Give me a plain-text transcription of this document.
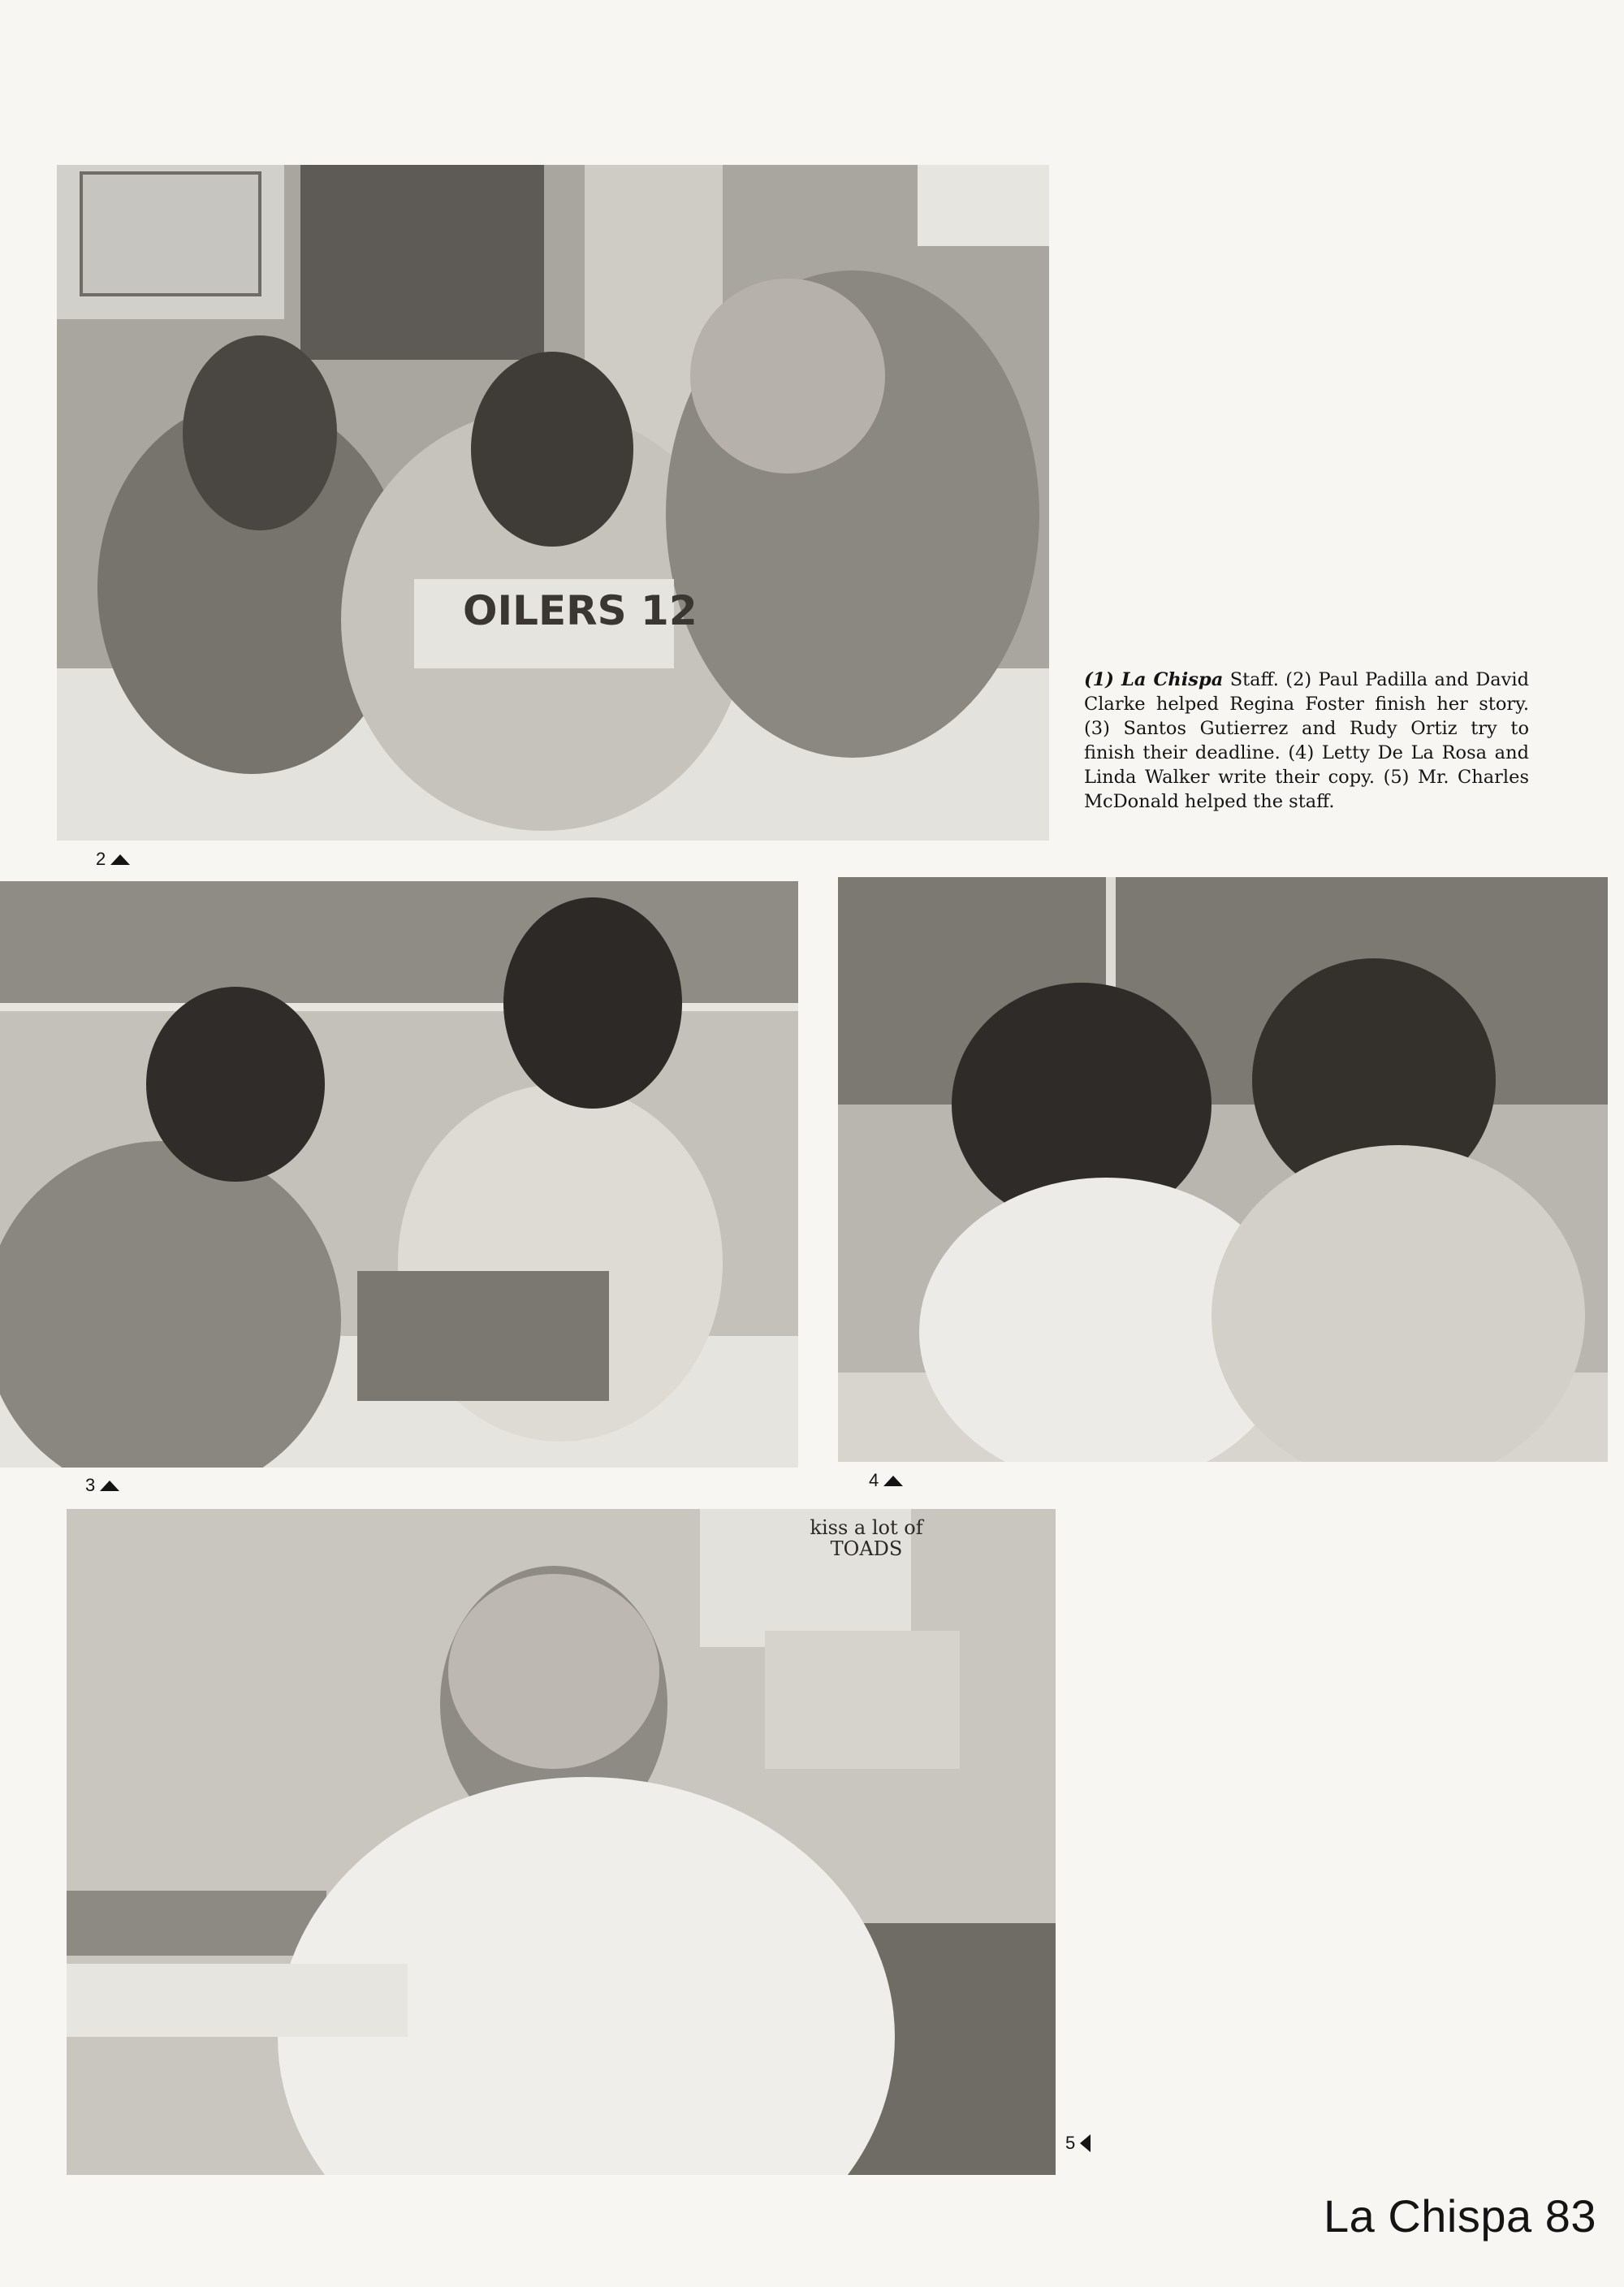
OILERS 12
2
(1) La Chispa Staff. (2) Paul Padilla and David Clarke helped Regina Foster finish her story. (3) Santos Gutierrez and Rudy Ortiz try to finish their deadline. (4) Letty De La Rosa and Linda Walker write their copy. (5) Mr. Charles McDonald helped the staff.
3	4
kiss a lot of TOADS
5
La Chispa 83
